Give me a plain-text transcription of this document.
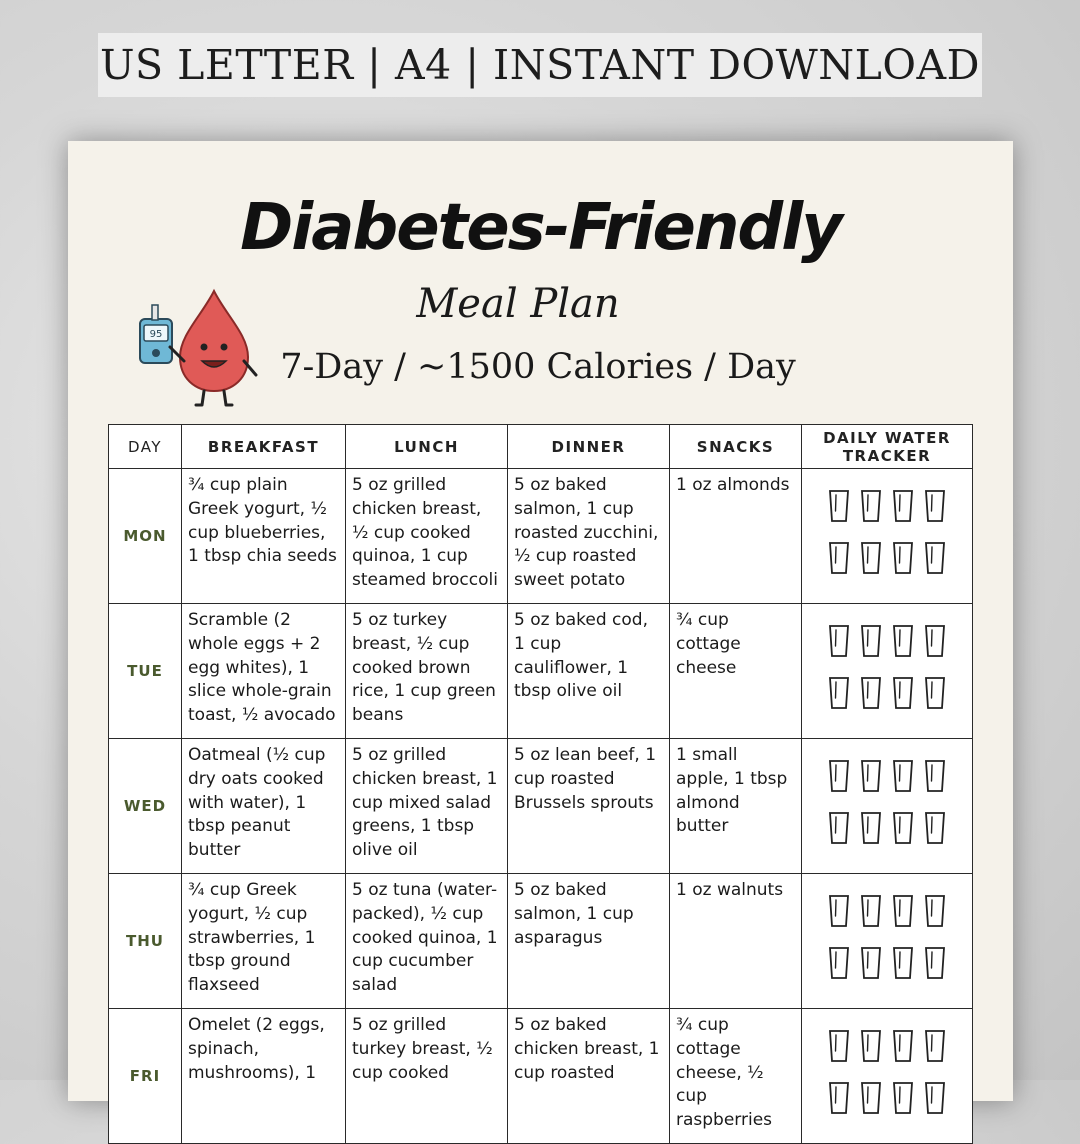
US LETTER | A4 | INSTANT DOWNLOAD
Diabetes-Friendly
95
Meal Plan
7-Day / ~1500 Calories / Day
DAY	BREAKFAST	LUNCH	DINNER	SNACKS	DAILY WATER TRACKER
MON	¾ cup plain Greek yogurt, ½ cup blueberries, 1 tbsp chia seeds	5 oz grilled chicken breast, ½ cup cooked quinoa, 1 cup steamed broccoli	5 oz baked salmon, 1 cup roasted zucchini, ½ cup roasted sweet potato	1 oz almonds	

TUE	Scramble (2 whole eggs + 2 egg whites), 1 slice whole-grain toast, ½ avocado	5 oz turkey breast, ½ cup cooked brown rice, 1 cup green beans	5 oz baked cod, 1 cup cauliflower, 1 tbsp olive oil	¾ cup cottage cheese	

WED	Oatmeal (½ cup dry oats cooked with water), 1 tbsp peanut butter	5 oz grilled chicken breast, 1 cup mixed salad greens, 1 tbsp olive oil	5 oz lean beef, 1 cup roasted Brussels sprouts	1 small apple, 1 tbsp almond butter	

THU	¾ cup Greek yogurt, ½ cup strawberries, 1 tbsp ground flaxseed	5 oz tuna (water-packed), ½ cup cooked quinoa, 1 cup cucumber salad	5 oz baked salmon, 1 cup asparagus	1 oz walnuts	

FRI	Omelet (2 eggs, spinach, mushrooms), 1	5 oz grilled turkey breast, ½ cup cooked	5 oz baked chicken breast, 1 cup roasted	¾ cup cottage cheese, ½ cup raspberries	
